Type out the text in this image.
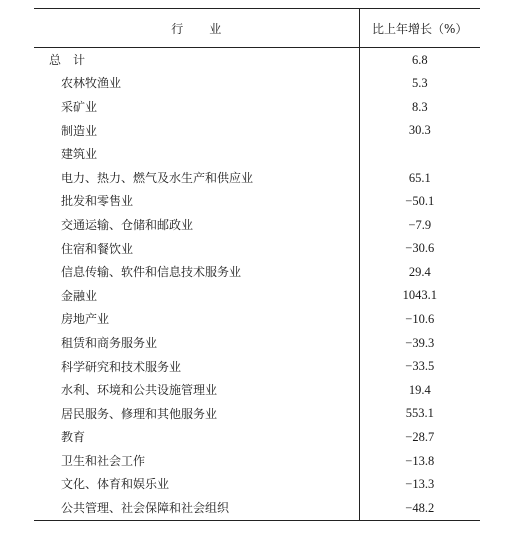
行 业	比上年增长（%）
总　计	6.8
农林牧渔业	5.3
采矿业	8.3
制造业	30.3
建筑业	
电力、热力、燃气及水生产和供应业	65.1
批发和零售业	−50.1
交通运输、仓储和邮政业	−7.9
住宿和餐饮业	−30.6
信息传输、软件和信息技术服务业	29.4
金融业	1043.1
房地产业	−10.6
租赁和商务服务业	−39.3
科学研究和技术服务业	−33.5
水利、环境和公共设施管理业	19.4
居民服务、修理和其他服务业	553.1
教育	−28.7
卫生和社会工作	−13.8
文化、体育和娱乐业	−13.3
公共管理、社会保障和社会组织	−48.2
